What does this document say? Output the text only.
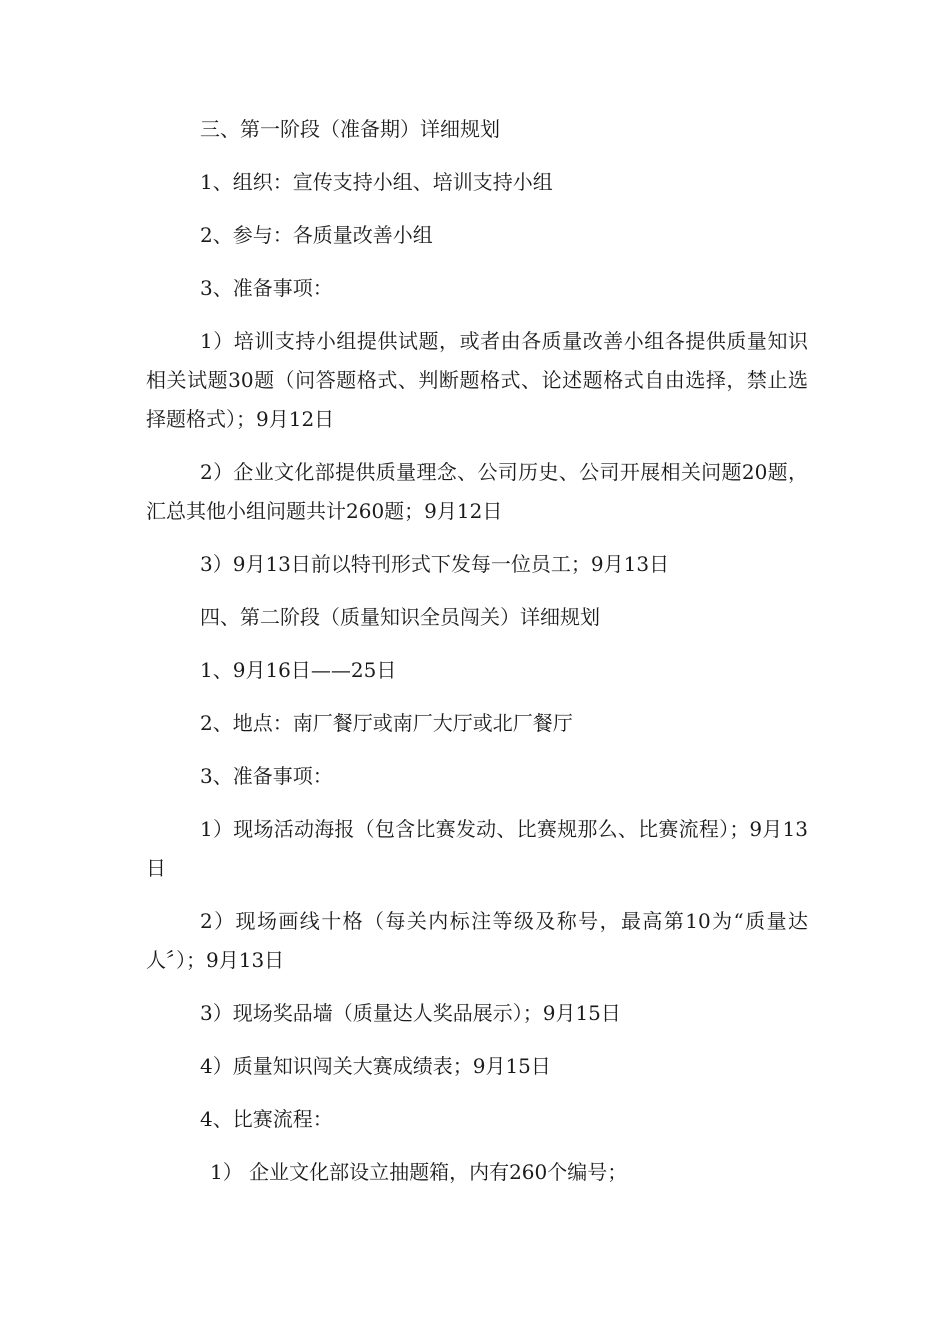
三、第一阶段（准备期）详细规划

1、组织：宣传支持小组、培训支持小组

2、参与：各质量改善小组

3、准备事项：

1）培训支持小组提供试题，或者由各质量改善小组各提供质量知识相关试题30题（问答题格式、判断题格式、论述题格式自由选择，禁止选择题格式）；9月12日

2）企业文化部提供质量理念、公司历史、公司开展相关问题20题，汇总其他小组问题共计260题；9月12日

3）9月13日前以特刊形式下发每一位员工；9月13日

四、第二阶段（质量知识全员闯关）详细规划

1、9月16日——25日

2、地点：南厂餐厅或南厂大厅或北厂餐厅

3、准备事项：

1）现场活动海报（包含比赛发动、比赛规那么、比赛流程）；9月13日

2）现场画线十格（每关内标注等级及称号，最高第10为“质量达人〞）；9月13日

3）现场奖品墙（质量达人奖品展示）；9月15日

4）质量知识闯关大赛成绩表；9月15日

4、比赛流程：

1） 企业文化部设立抽题箱，内有260个编号；
